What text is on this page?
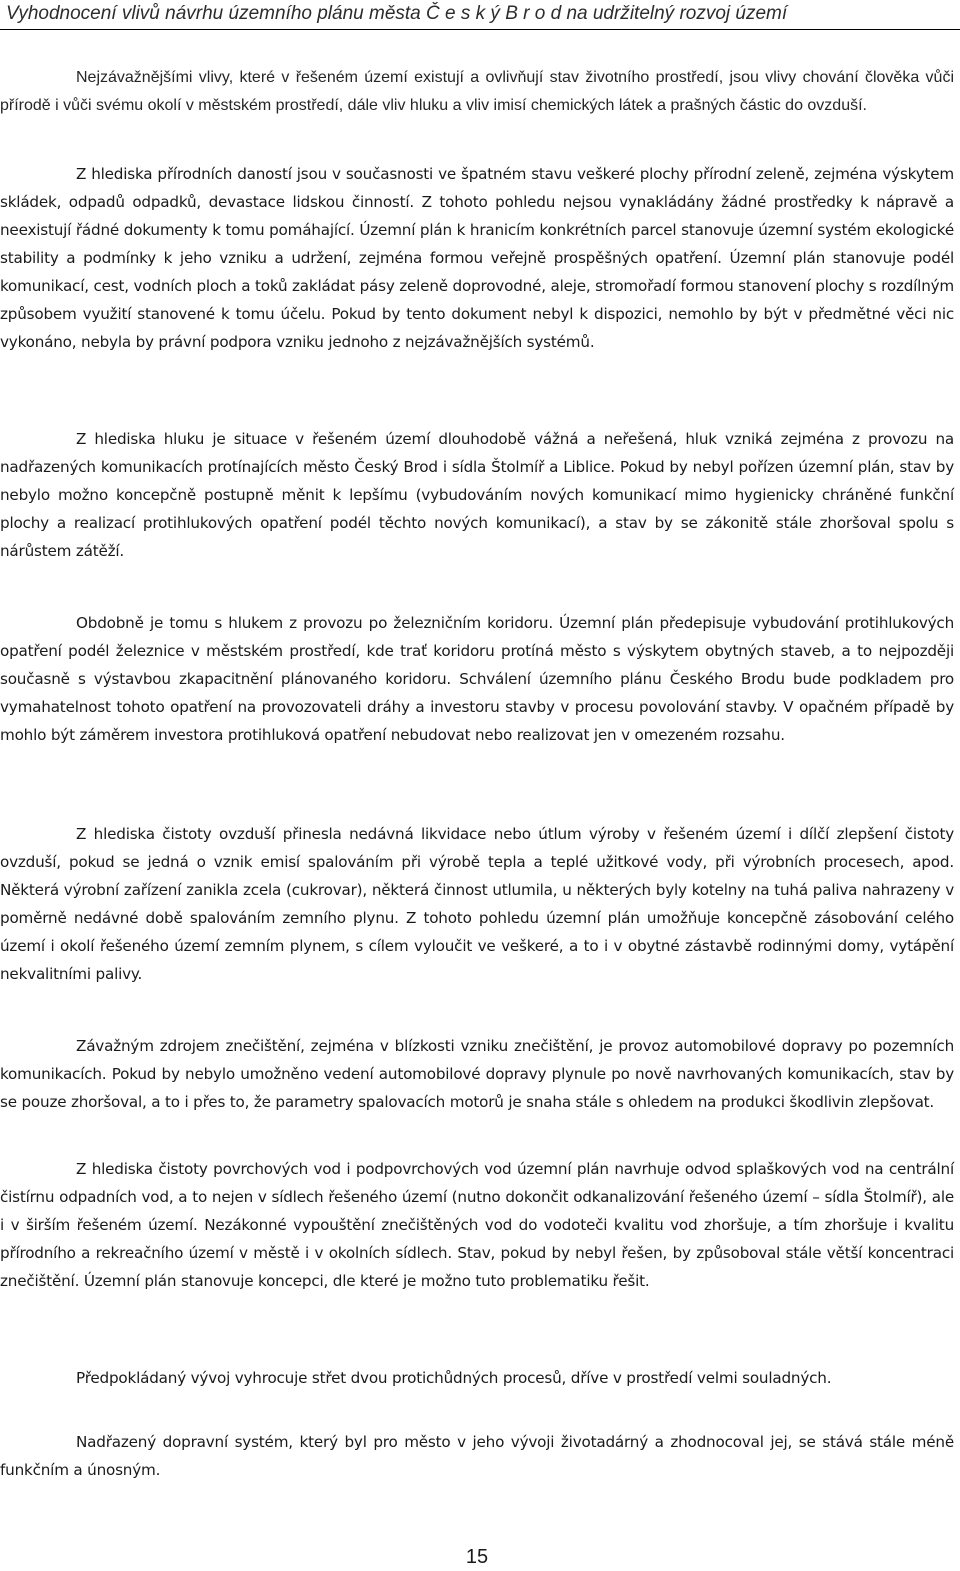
Vyhodnocení vlivů návrhu územního plánu města Č e s k ý B r o d na udržitelný rozvoj území

Nejzávažnějšími vlivy, které v řešeném území existují a ovlivňují stav životního prostředí, jsou vlivy chování člověka vůči přírodě i vůči svému okolí v městském prostředí, dále vliv hluku a vliv imisí chemických látek a prašných částic do ovzduší.

Z hlediska přírodních daností jsou v současnosti ve špatném stavu veškeré plochy přírodní zeleně, zejména výskytem skládek, odpadů odpadků, devastace lidskou činností. Z tohoto pohledu nejsou vynakládány žádné prostředky k nápravě a neexistují řádné dokumenty k tomu pomáhající. Územní plán k hranicím konkrétních parcel stanovuje územní systém ekologické stability a podmínky k jeho vzniku a udržení, zejména formou veřejně prospěšných opatření. Územní plán stanovuje podél komunikací, cest, vodních ploch a toků zakládat pásy zeleně doprovodné, aleje, stromořadí formou stanovení plochy s rozdílným způsobem využití stanovené k tomu účelu. Pokud by tento dokument nebyl k dispozici, nemohlo by být v předmětné věci nic vykonáno, nebyla by právní podpora vzniku jednoho z nejzávažnějších systémů.

Z hlediska hluku je situace v řešeném území dlouhodobě vážná a neřešená, hluk vzniká zejména z provozu na nadřazených komunikacích protínajících město Český Brod i sídla Štolmíř a Liblice. Pokud by nebyl pořízen územní plán, stav by nebylo možno koncepčně postupně měnit k lepšímu (vybudováním nových komunikací mimo hygienicky chráněné funkční plochy a realizací protihlukových opatření podél těchto nových komunikací), a stav by se zákonitě stále zhoršoval spolu s nárůstem zátěží.

Obdobně je tomu s hlukem z provozu po železničním koridoru. Územní plán předepisuje vybudování protihlukových opatření podél železnice v městském prostředí, kde trať koridoru protíná město s výskytem obytných staveb, a to nejpozději současně s výstavbou zkapacitnění plánovaného koridoru. Schválení územního plánu Českého Brodu bude podkladem pro vymahatelnost tohoto opatření na provozovateli dráhy a investoru stavby v procesu povolování stavby. V opačném případě by mohlo být záměrem investora protihluková opatření nebudovat nebo realizovat jen v omezeném rozsahu.

Z hlediska čistoty ovzduší přinesla nedávná likvidace nebo útlum výroby v řešeném území i dílčí zlepšení čistoty ovzduší, pokud se jedná o vznik emisí spalováním při výrobě tepla a teplé užitkové vody, při výrobních procesech, apod. Některá výrobní zařízení zanikla zcela (cukrovar), některá činnost utlumila, u některých byly kotelny na tuhá paliva nahrazeny v poměrně nedávné době spalováním zemního plynu. Z tohoto pohledu územní plán umožňuje koncepčně zásobování celého území i okolí řešeného území zemním plynem, s cílem vyloučit ve veškeré, a to i v obytné zástavbě rodinnými domy, vytápění nekvalitními palivy.

Závažným zdrojem znečištění, zejména v blízkosti vzniku znečištění, je provoz automobilové dopravy po pozemních komunikacích. Pokud by nebylo umožněno vedení automobilové dopravy plynule po nově navrhovaných komunikacích, stav by se pouze zhoršoval, a to i přes to, že parametry spalovacích motorů je snaha stále s ohledem na produkci škodlivin zlepšovat.

Z hlediska čistoty povrchových vod i podpovrchových vod územní plán navrhuje odvod splaškových vod na centrální čistírnu odpadních vod, a to nejen v sídlech řešeného území (nutno dokončit odkanalizování řešeného území – sídla Štolmíř), ale i v širším řešeném území. Nezákonné vypouštění znečištěných vod do vodoteči kvalitu vod zhoršuje, a tím zhoršuje i kvalitu přírodního a rekreačního území v městě i v okolních sídlech. Stav, pokud by nebyl řešen, by způsoboval stále větší koncentraci znečištění. Územní plán stanovuje koncepci, dle které je možno tuto problematiku řešit.

Předpokládaný vývoj vyhrocuje střet dvou protichůdných procesů, dříve v prostředí velmi souladných.

Nadřazený dopravní systém, který byl pro město v jeho vývoji životadárný a zhodnocoval jej, se stává stále méně funkčním a únosným.

15
